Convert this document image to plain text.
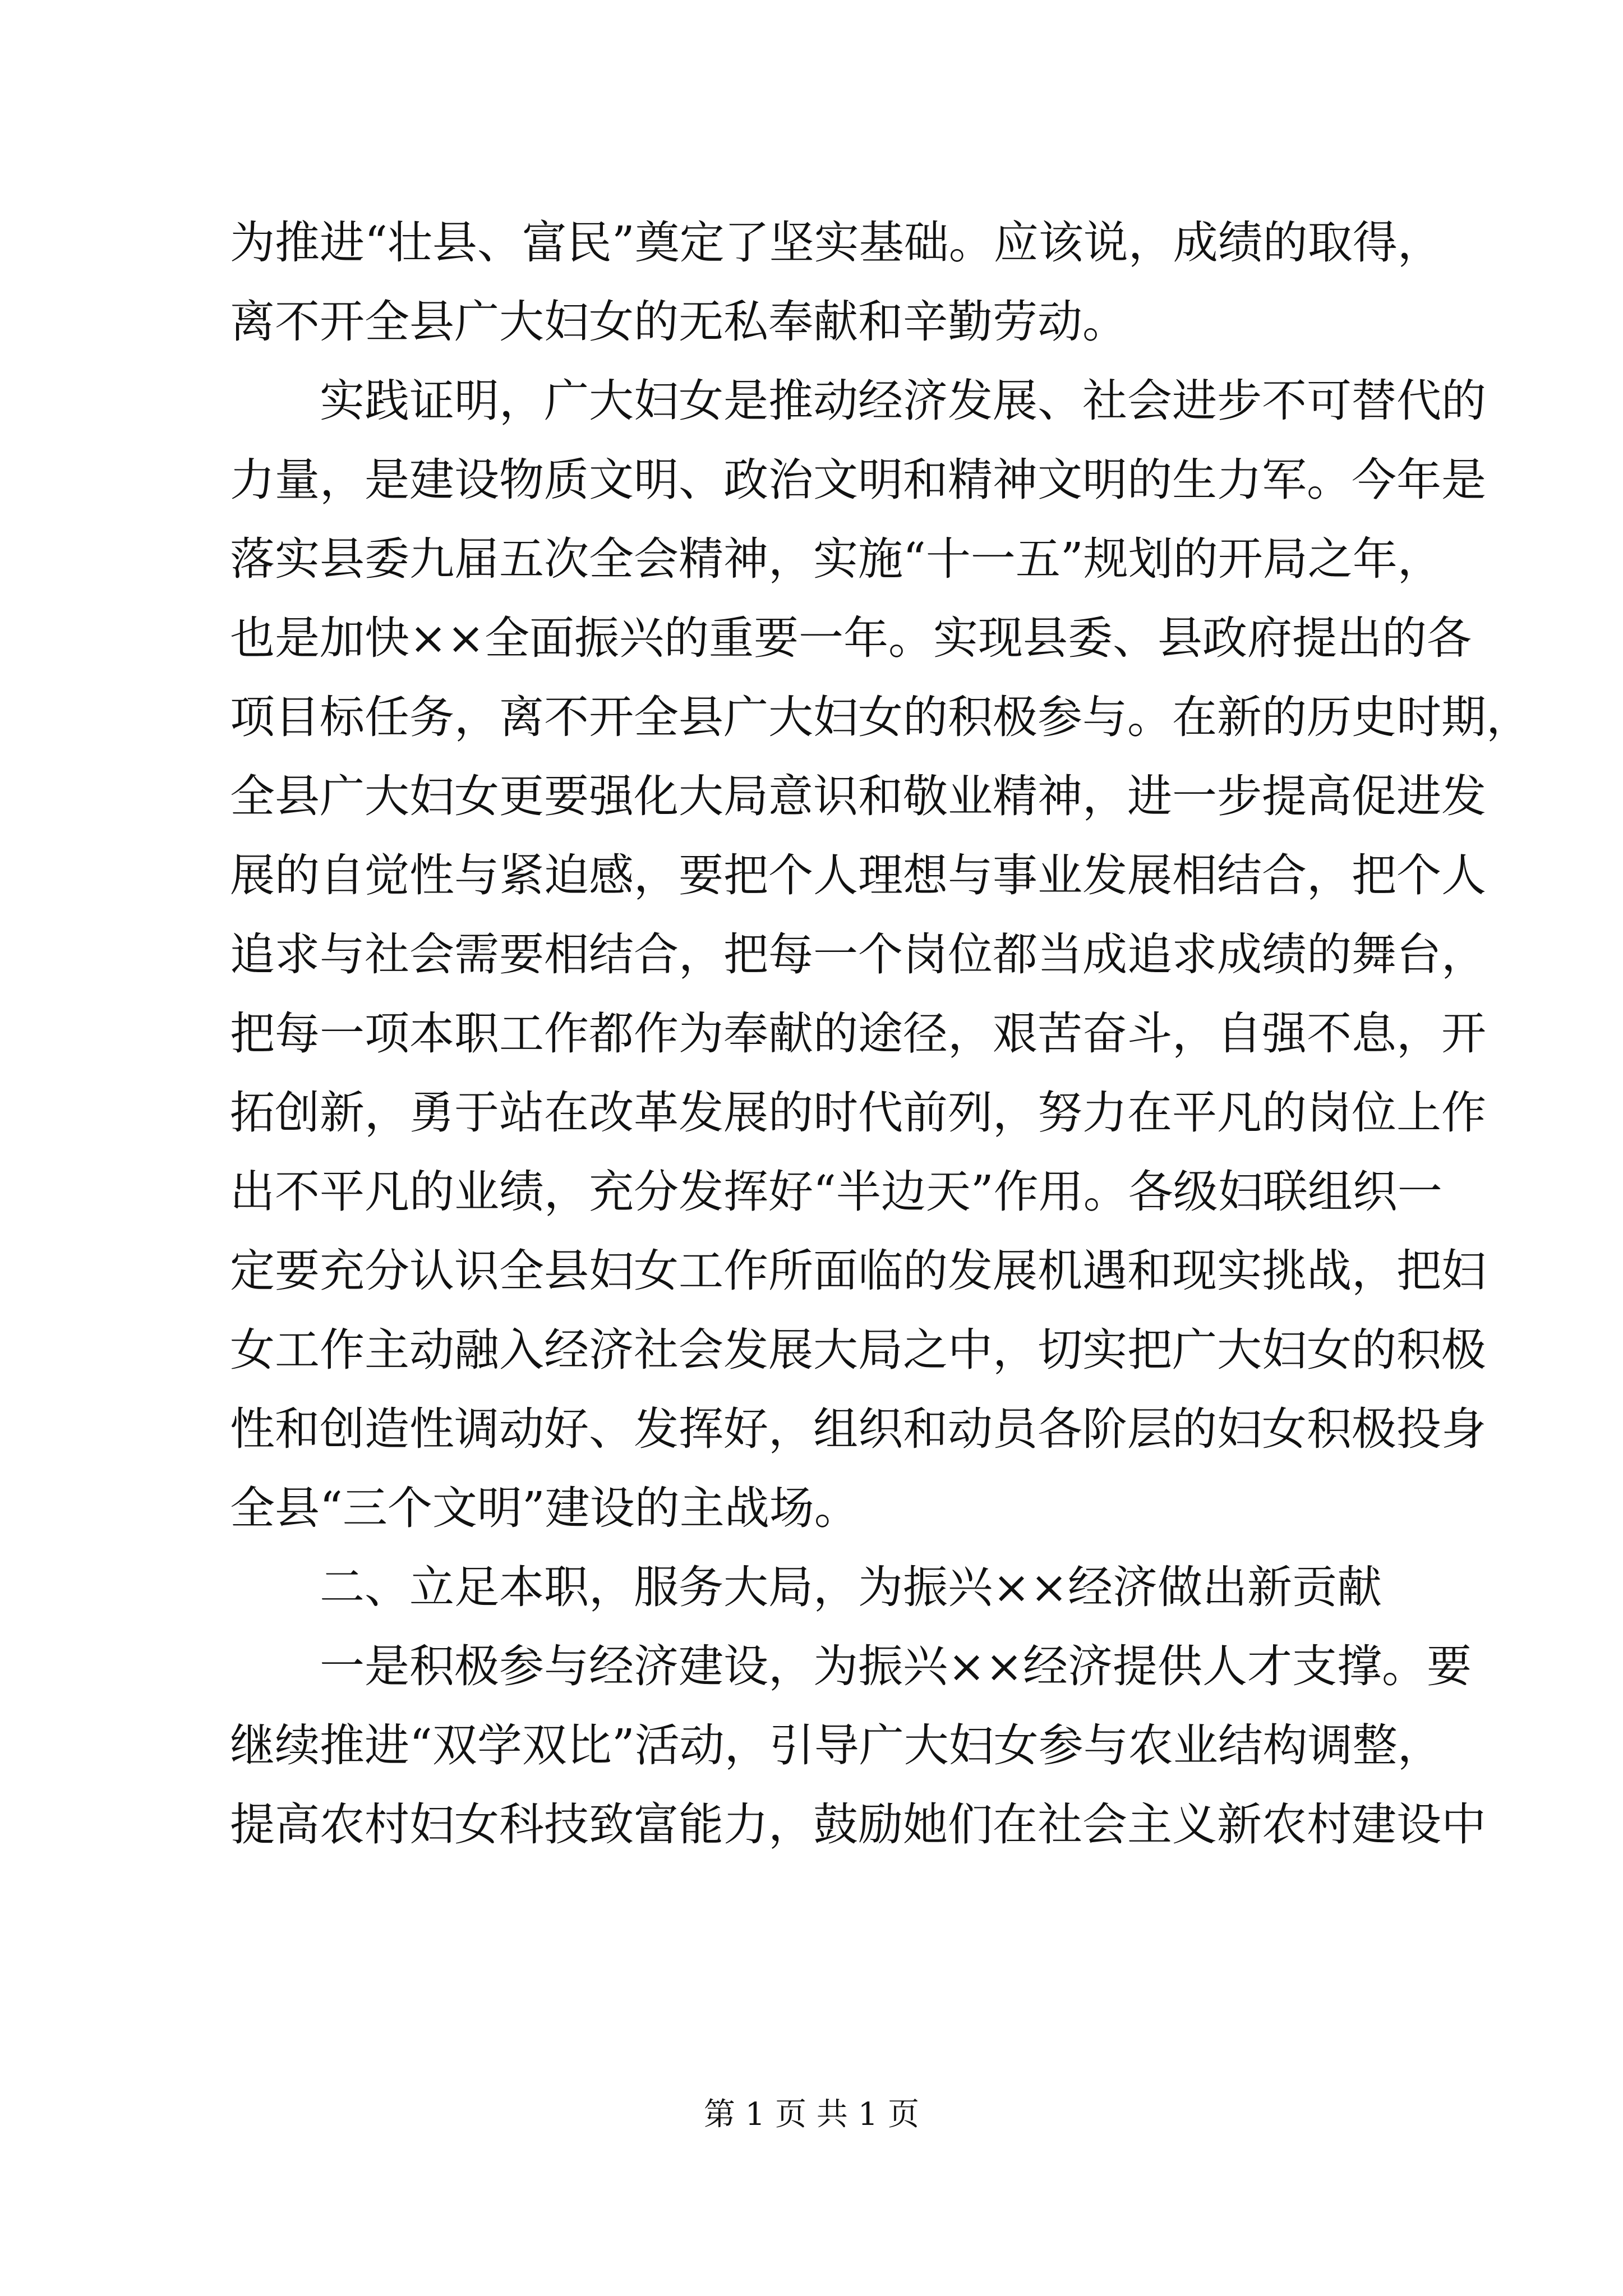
为推进“壮县、富民”奠定了坚实基础。应该说，成绩的取得，
离不开全县广大妇女的无私奉献和辛勤劳动。
实践证明，广大妇女是推动经济发展、社会进步不可替代的
力量，是建设物质文明、政治文明和精神文明的生力军。今年是
落实县委九届五次全会精神，实施“十一五”规划的开局之年，
也是加快××全面振兴的重要一年。实现县委、县政府提出的各
项目标任务，离不开全县广大妇女的积极参与。在新的历史时期，
全县广大妇女更要强化大局意识和敬业精神，进一步提高促进发
展的自觉性与紧迫感，要把个人理想与事业发展相结合，把个人
追求与社会需要相结合，把每一个岗位都当成追求成绩的舞台，
把每一项本职工作都作为奉献的途径，艰苦奋斗，自强不息，开
拓创新，勇于站在改革发展的时代前列，努力在平凡的岗位上作
出不平凡的业绩，充分发挥好“半边天”作用。各级妇联组织一
定要充分认识全县妇女工作所面临的发展机遇和现实挑战，把妇
女工作主动融入经济社会发展大局之中，切实把广大妇女的积极
性和创造性调动好、发挥好，组织和动员各阶层的妇女积极投身
全县“三个文明”建设的主战场。
二、立足本职，服务大局，为振兴××经济做出新贡献
一是积极参与经济建设，为振兴××经济提供人才支撑。要
继续推进“双学双比”活动，引导广大妇女参与农业结构调整，
提高农村妇女科技致富能力，鼓励她们在社会主义新农村建设中
第 1 页 共 1 页
